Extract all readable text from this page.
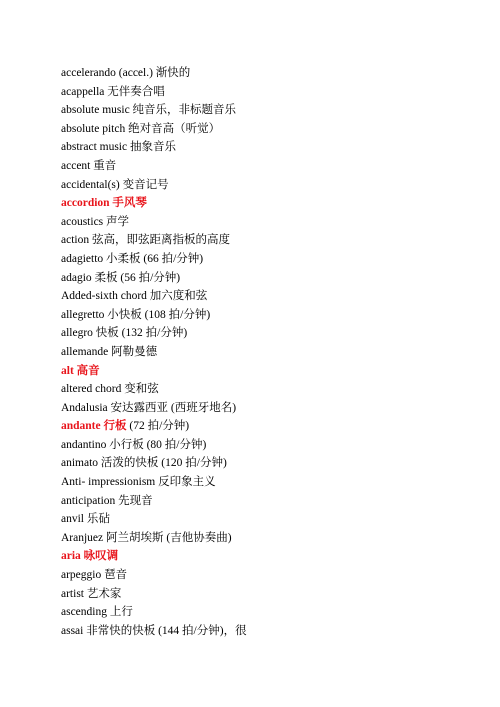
accelerando (accel.) 渐快的
acappella 无伴奏合唱
absolute music 纯音乐，非标题音乐
absolute pitch 绝对音高（听觉）
abstract music 抽象音乐
accent 重音
accidental(s) 变音记号
accordion 手风琴
acoustics 声学
action 弦高，即弦距离指板的高度
adagietto 小柔板 (66 拍/分钟)
adagio 柔板 (56 拍/分钟)
Added-sixth chord 加六度和弦
allegretto 小快板 (108 拍/分钟)
allegro 快板 (132 拍/分钟)
allemande 阿勒曼德
alt 高音
altered chord 变和弦
Andalusia 安达露西亚 (西班牙地名)
andante 行板 (72 拍/分钟)
andantino 小行板 (80 拍/分钟)
animato 活泼的快板 (120 拍/分钟)
Anti- impressionism 反印象主义
anticipation 先现音
anvil 乐砧
Aranjuez 阿兰胡埃斯 (吉他协奏曲)
aria 咏叹调
arpeggio 琶音
artist 艺术家
ascending 上行
assai 非常快的快板 (144 拍/分钟)，很
